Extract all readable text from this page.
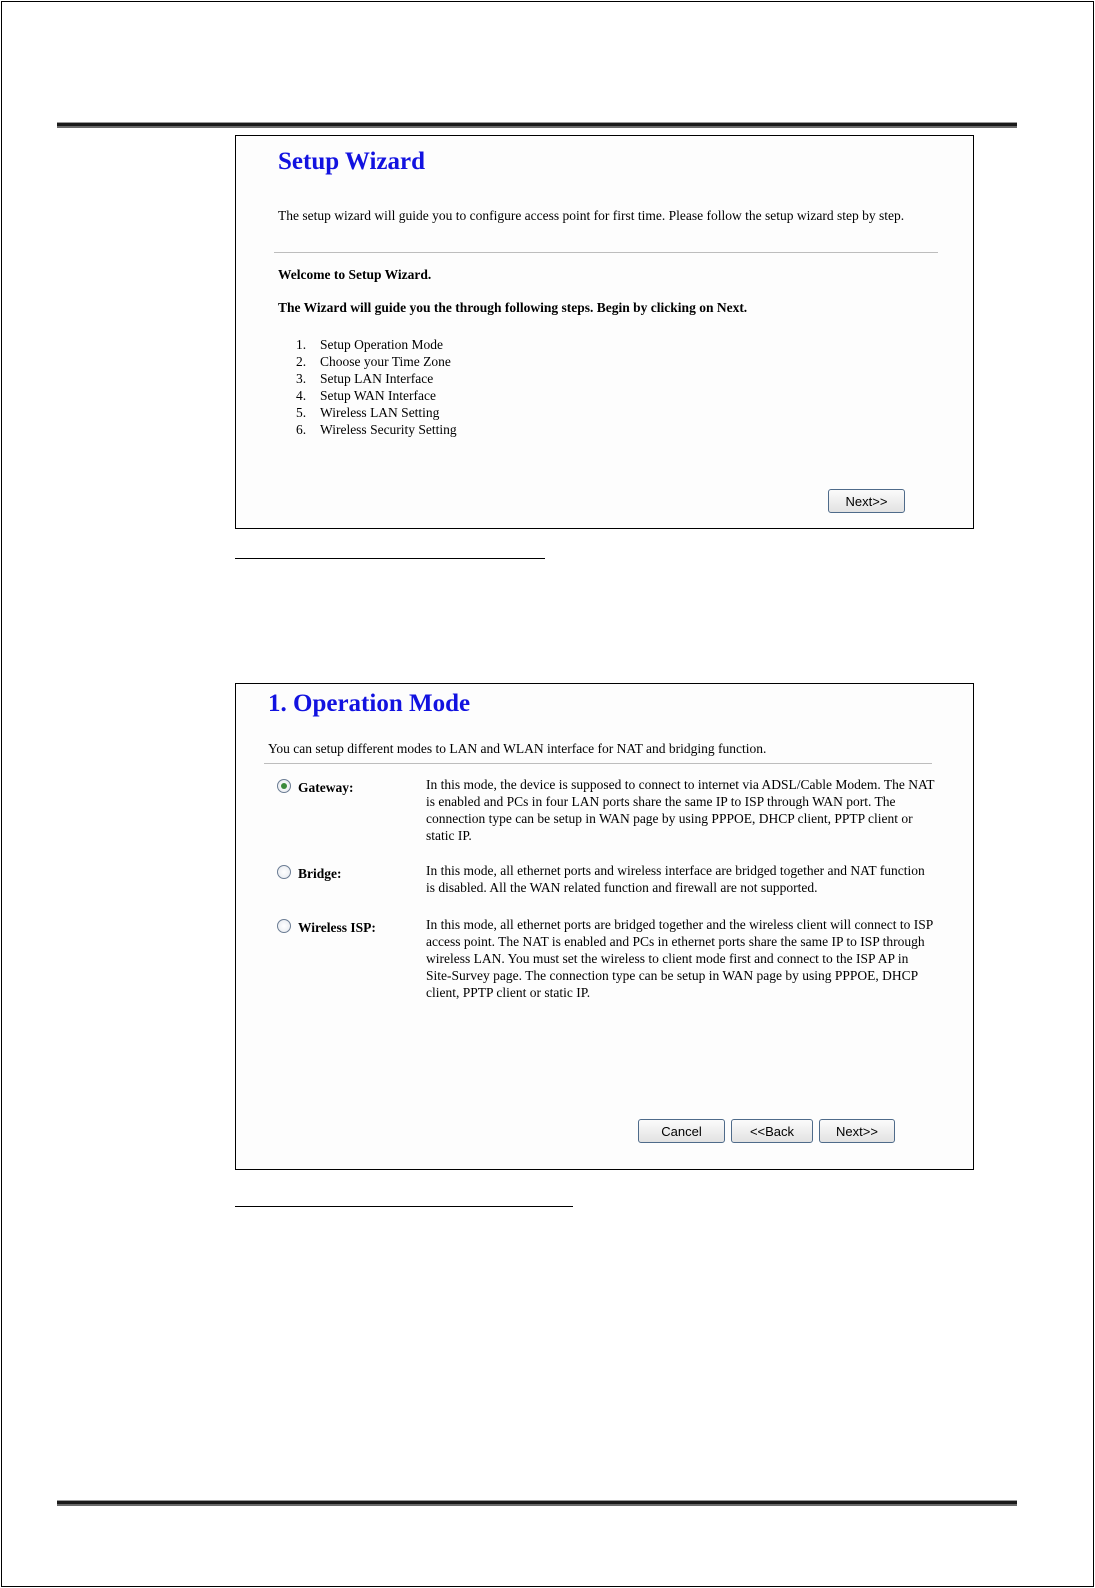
Setup Wizard
The setup wizard will guide you to configure access point for first time. Please follow the setup wizard step by step.
Welcome to Setup Wizard.
The Wizard will guide you the through following steps. Begin by clicking on Next.
1.	Setup Operation Mode
2.	Choose your Time Zone
3.	Setup LAN Interface
4.	Setup WAN Interface
5.	Wireless LAN Setting
6.	Wireless Security Setting
Next>>
1. Operation Mode
You can setup different modes to LAN and WLAN interface for NAT and bridging function.
Gateway:	In this mode, the device is supposed to connect to internet via ADSL/Cable Modem. The NAT is enabled and PCs in four LAN ports share the same IP to ISP through WAN port. The connection type can be setup in WAN page by using PPPOE, DHCP client, PPTP client or static IP.
Bridge:	In this mode, all ethernet ports and wireless interface are bridged together and NAT function is disabled. All the WAN related function and firewall are not supported.
Wireless ISP:	In this mode, all ethernet ports are bridged together and the wireless client will connect to ISP access point. The NAT is enabled and PCs in ethernet ports share the same IP to ISP through wireless LAN. You must set the wireless to client mode first and connect to the ISP AP in Site-Survey page. The connection type can be setup in WAN page by using PPPOE, DHCP client, PPTP client or static IP.
Cancel	<<Back	Next>>
